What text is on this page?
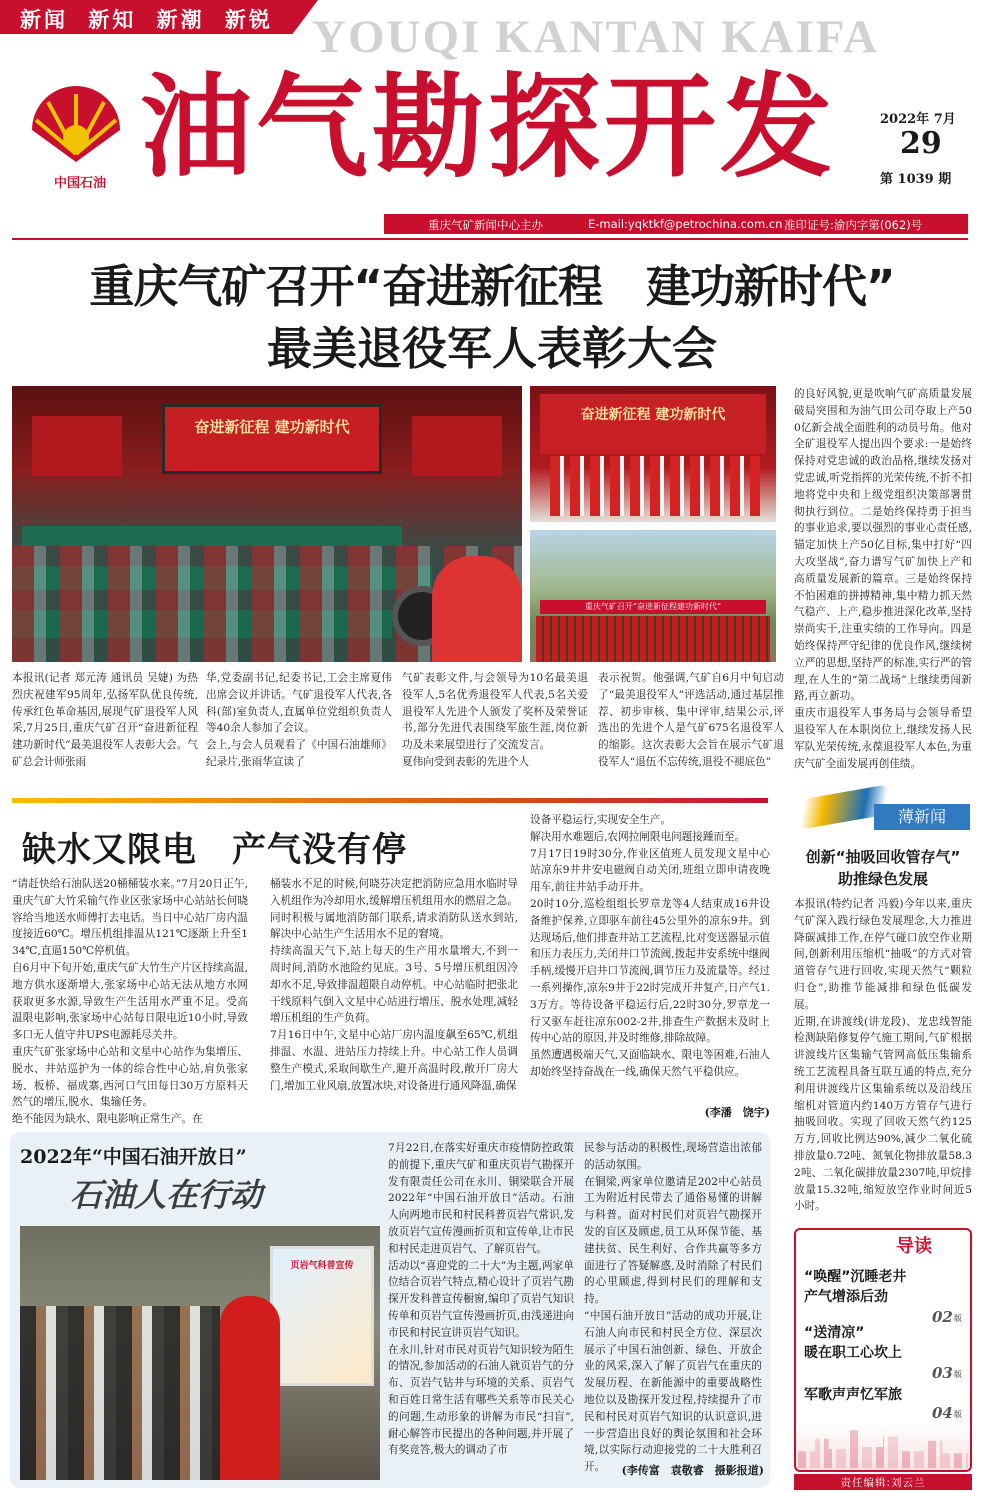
新闻 新知 新潮 新锐 YOUQI KANTAN KAIFA
中国石油 油气勘探开发	2022年 7月
29
第 1039 期
重庆气矿新闻中心主办	E-mail:yqktkf@petrochina.com.cn 准印证号:渝内字第(062)号
重庆气矿召开“奋进新征程　建功新时代”
最美退役军人表彰大会
奋进新征程 建功新时代
奋进新征程 建功新时代
重庆气矿召开“奋进新征程建功新时代”

本报讯(记者 郑元涛 通讯员 吴婕) 为热烈庆祝建军95周年,弘扬军队优良传统,传承红色革命基因,展现气矿退役军人风采,7月25日,重庆气矿召开“奋进新征程 建功新时代”最美退役军人表彰大会。气矿总会计师张雨

华,党委副书记,纪委书记,工会主席夏伟出席会议并讲话。气矿退役军人代表,各科(部)室负责人,直属单位党组织负责人等40余人参加了会议。
会上,与会人员观看了《中国石油雄师》纪录片,张雨华宣读了
气矿表彰文件,与会领导为10名最美退役军人,5名优秀退役军人代表,5名关爱退役军人先进个人颁发了奖杯及荣誉证书,部分先进代表围绕军旅生涯,岗位新功及未来展望进行了交流发言。
夏伟向受到表彰的先进个人
表示祝贺。他强调,气矿自6月中旬启动了“最美退役军人”评选活动,通过基层推荐、初步审核、集中评审,结果公示,评选出的先进个人是气矿675名退役军人的缩影。这次表彰大会旨在展示气矿退役军人“退伍不忘传统,退役不褪底色”
的良好风貌,更是吹响气矿高质量发展破局突围和为油气田公司夺取上产500亿新会战全面胜利的动员号角。他对全矿退役军人提出四个要求:一是始终保持对党忠诚的政治品格,继续发扬对党忠诚,听党指挥的光荣传统,不折不扣地将党中央和上级党组织决策部署贯彻执行到位。二是始终保持勇于担当的事业追求,要以强烈的事业心责任感,锚定加快上产50亿目标,集中打好“四大攻坚战”,奋力谱写气矿加快上产和高质量发展新的篇章。三是始终保持不怕困难的拼搏精神,集中精力抓天然气稳产、上产,稳步推进深化改革,坚持崇尚实干,注重实绩的工作导向。四是始终保持严守纪律的优良作风,继续树立严的思想,坚持严的标准,实行严的管理,在人生的“第二战场”上继续勇闯新路,再立新功。
重庆市退役军人事务局与会领导希望退役军人在本职岗位上,继续发扬人民军队光荣传统,永葆退役军人本色,为重庆气矿全面发展再创佳绩。
缺水又限电　产气没有停
“请赶快给石油队送20桶桶装水来。”7月20日正午,重庆气矿大竹采输气作业区张家场中心站站长何晓容给当地送水师傅打去电话。当日中心站厂房内温度接近60℃。增压机组排温从121℃逐渐上升至134℃,直逼150℃停机值。
自6月中下旬开始,重庆气矿大竹生产片区持续高温,地方供水逐渐增大,张家场中心站无法从地方水网获取更多水源,导致生产生活用水严重不足。受高温限电影响,张家场中心站每日限电近10小时,导致多口无人值守井UPS电源耗尽关井。
重庆气矿张家场中心站和文星中心站作为集增压、脱水、井站巡护为一体的综合性中心站,肩负张家场、板桥、福成寨,西河口气田每日30万方原料天然气的增压,脱水、集输任务。
绝不能因为缺水、限电影响正常生产。在
桶装水不足的时候,何晓芬决定把消防应急用水临时导入机组作为冷却用水,缓解增压机组用水的燃眉之急。同时积极与属地消防部门联系,请求消防队送水到站,解决中心站生产生活用水不足的窘境。
持续高温天气下,站上每天的生产用水量增大,不到一周时间,消防水池险约见底。3号、5号增压机组因冷却水不足,导致排温超限自动停机。中心站临时把张北干线原料气倒入文星中心站进行增压、脱水处理,减轻增压机组的生产负荷。
7月16日中午,文星中心站厂房内温度飙至65℃,机组排温、水温、进站压力持续上升。中心站工作人员调整生产模式,采取间歇生产,避开高温时段,敞开厂房大门,增加工业风扇,放置冰块,对设备进行通风降温,确保
设备平稳运行,实现安全生产。
解决用水难题后,农网拉闸限电问题接踵而至。
7月17日19时30分,作业区值班人员发现文星中心站凉东9井井安电磁阀自动关闭,班组立即申请夜晚用车,前往井站手动开井。
20时10分,巡检组组长罗章龙等4人结束成16井设备维护保养,立即驱车前往45公里外的凉东9井。到达现场后,他们排查井站工艺流程,比对变送器显示值和压力表压力,关闭井口节流阀,拨起井安系统中继阀手柄,缓慢开启井口节流阀,调节压力及流量等。经过一系列操作,凉东9井于22时完成开井复产,日产气1.3万方。等待设备平稳运行后,22时30分,罗章龙一行又驱车赶往凉东002-2井,排查生产数据未及时上传中心站的原因,并及时维修,排除故障。
虽然遭遇极端天气,又面临缺水、限电等困难,石油人却始终坚持奋战在一线,确保天然气平稳供应。
(李潘　饶宇)
2022年“中国石油开放日”
石油人在行动
页岩气科普宣传
7月22日,在落实好重庆市疫情防控政策的前提下,重庆气矿和重庆页岩气勘探开发有限责任公司在永川、铜梁联合开展2022年“中国石油开放日”活动。石油人向两地市民和村民科普页岩气常识,发放页岩气宣传漫画折页和宣传单,让市民和村民走进页岩气、了解页岩气。
活动以“喜迎党的二十大”为主题,两家单位结合页岩气特点,精心设计了页岩气勘探开发科普宣传橱窗,编印了页岩气知识传单和页岩气宣传漫画折页,由浅递进向市民和村民宣讲页岩气知识。
在永川,针对市民对页岩气知识较为陌生的情况,参加活动的石油人就页岩气的分布、页岩气钻井与环境的关系、页岩气和百姓日常生活有哪些关系等市民关心的问题,生动形象的讲解为市民“扫盲”,耐心解答市民提出的各种问题,并开展了有奖竞答,极大的调动了市
民参与活动的积极性,现场营造出浓郁的活动氛围。
在铜梁,两家单位邀请足202中心站员工为附近村民带去了通俗易懂的讲解与科普。面对村民们对页岩气勘探开发的盲区及顾虑,员工从环保节能、基建扶贫、民生利好、合作共赢等多方面进行了答疑解惑,及时消除了村民们的心里顾虑,得到村民们的理解和支持。
“中国石油开放日”活动的成功开展,让石油人向市民和村民全方位、深层次展示了中国石油创新、绿色、开放企业的风采,深入了解了页岩气在重庆的发展历程、在新能源中的重要战略性地位以及勘探开发过程,持续提升了市民和村民对页岩气知识的认识意识,进一步营造出良好的舆论氛围和社会环境,以实际行动迎接党的二十大胜利召开。	(李传富　袁敬睿　摄影报道)
薄新闻
创新“抽吸回收管存气”
助推绿色发展
本报讯(特约记者 冯毅)今年以来,重庆气矿深入践行绿色发展理念,大力推进降碳减排工作,在停气碰口放空作业期间,创新利用压缩机“抽吸”的方式对管道管存气进行回收,实现天然气“颗粒归仓”,助推节能减排和绿色低碳发展。
近期,在讲渡线(讲龙段)、龙忠线智能检测缺陷修复停气施工期间,气矿根据讲渡线片区集输气管网高低压集输系统工艺流程具备互联互通的特点,充分利用讲渡线片区集输系统以及沿线压缩机对管道内约140万方管存气进行抽吸回收。实现了回收天然气约125万方,回收比例达90%,减少二氧化硫排放量0.72吨、氮氧化物排放量58.32吨、二氧化碳排放量2307吨,甲烷排放量15.32吨,缩短放空作业时间近5小时。
导读
“唤醒”沉睡老井
产气增添后劲
02 版
“送清凉”
暖在职工心坎上
03 版
军歌声声忆军旅
04 版
责任编辑:刘云兰
